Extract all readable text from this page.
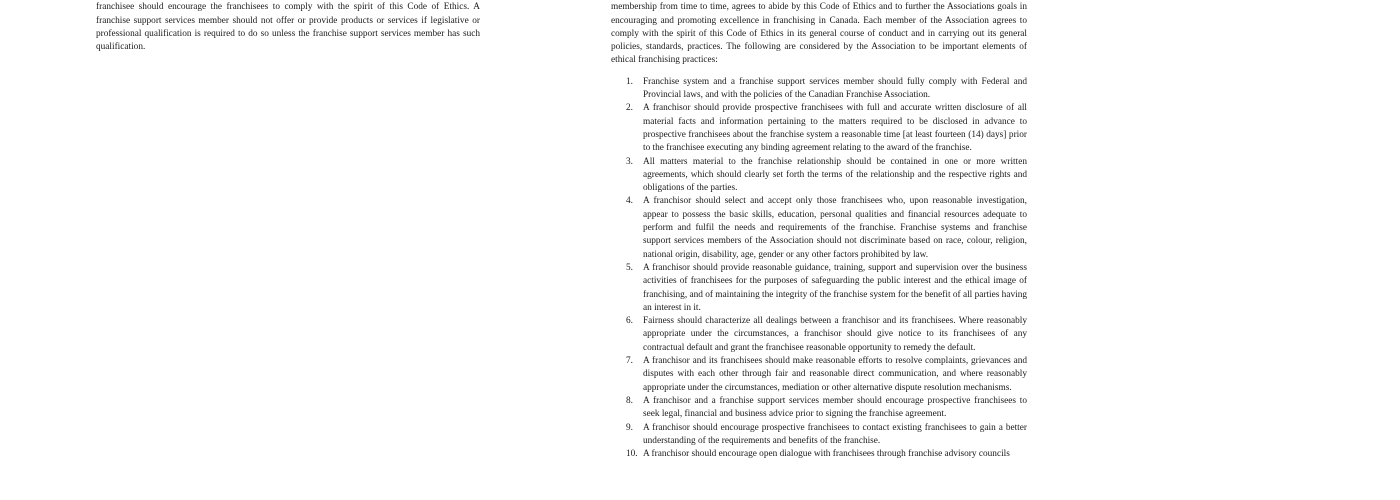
franchisee should encourage the franchisees to comply with the spirit of this Code of Ethics. A franchise support services member should not offer or provide products or services if legislative or professional qualification is required to do so unless the franchise support services member has such qualification.

membership from time to time, agrees to abide by this Code of Ethics and to further the Associations goals in encouraging and promoting excellence in franchising in Canada. Each member of the Association agrees to comply with the spirit of this Code of Ethics in its general course of conduct and in carrying out its general policies, standards, practices. The following are considered by the Association to be important elements of ethical franchising practices:

1.	Franchise system and a franchise support services member should fully comply with Federal and Provincial laws, and with the policies of the Canadian Franchise Association.
2.	A franchisor should provide prospective franchisees with full and accurate written disclosure of all material facts and information pertaining to the matters required to be disclosed in advance to prospective franchisees about the franchise system a reasonable time [at least fourteen (14) days] prior to the franchisee executing any binding agreement relating to the award of the franchise.
3.	All matters material to the franchise relationship should be contained in one or more written agreements, which should clearly set forth the terms of the relationship and the respective rights and obligations of the parties.
4.	A franchisor should select and accept only those franchisees who, upon reasonable investigation, appear to possess the basic skills, education, personal qualities and financial resources adequate to perform and fulfil the needs and requirements of the franchise. Franchise systems and franchise support services members of the Association should not discriminate based on race, colour, religion, national origin, disability, age, gender or any other factors prohibited by law.
5.	A franchisor should provide reasonable guidance, training, support and supervision over the business activities of franchisees for the purposes of safeguarding the public interest and the ethical image of franchising, and of maintaining the integrity of the franchise system for the benefit of all parties having an interest in it.
6.	Fairness should characterize all dealings between a franchisor and its franchisees. Where reasonably appropriate under the circumstances, a franchisor should give notice to its franchisees of any contractual default and grant the franchisee reasonable opportunity to remedy the default.
7.	A franchisor and its franchisees should make reasonable efforts to resolve complaints, grievances and disputes with each other through fair and reasonable direct communication, and where reasonably appropriate under the circumstances, mediation or other alternative dispute resolution mechanisms.
8.	A franchisor and a franchise support services member should encourage prospective franchisees to seek legal, financial and business advice prior to signing the franchise agreement.
9.	A franchisor should encourage prospective franchisees to contact existing franchisees to gain a better understanding of the requirements and benefits of the franchise.
10. A franchisor should encourage open dialogue with franchisees through franchise advisory councils
